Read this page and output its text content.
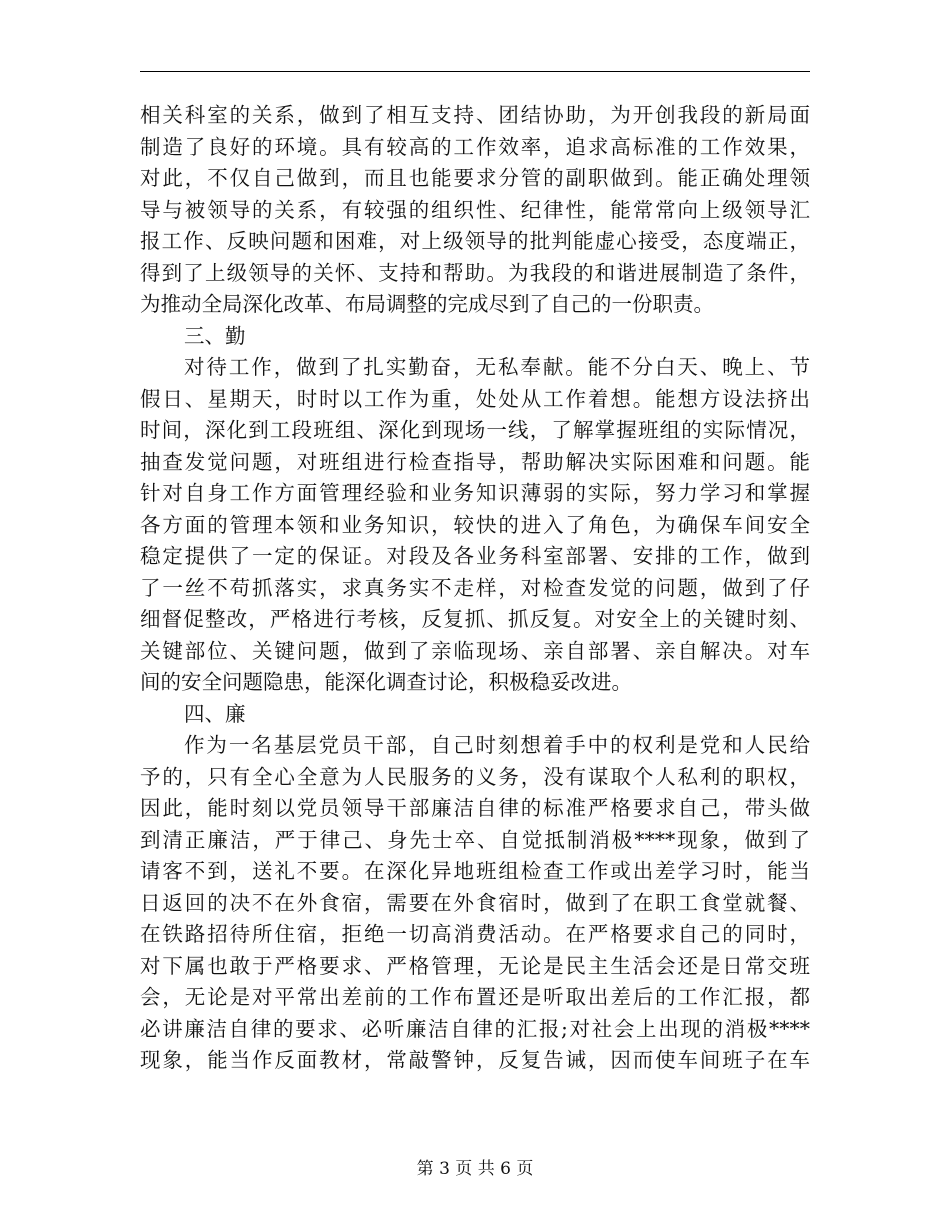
相关科室的关系，做到了相互支持、团结协助，为开创我段的新局面
制造了良好的环境。具有较高的工作效率，追求高标准的工作效果，
对此，不仅自己做到，而且也能要求分管的副职做到。能正确处理领
导与被领导的关系，有较强的组织性、纪律性，能常常向上级领导汇
报工作、反映问题和困难，对上级领导的批判能虚心接受，态度端正，
得到了上级领导的关怀、支持和帮助。为我段的和谐进展制造了条件，
为推动全局深化改革、布局调整的完成尽到了自己的一份职责。
三、勤
对待工作，做到了扎实勤奋，无私奉献。能不分白天、晚上、节
假日、星期天，时时以工作为重，处处从工作着想。能想方设法挤出
时间，深化到工段班组、深化到现场一线，了解掌握班组的实际情况，
抽查发觉问题，对班组进行检查指导，帮助解决实际困难和问题。能
针对自身工作方面管理经验和业务知识薄弱的实际，努力学习和掌握
各方面的管理本领和业务知识，较快的进入了角色，为确保车间安全
稳定提供了一定的保证。对段及各业务科室部署、安排的工作，做到
了一丝不苟抓落实，求真务实不走样，对检查发觉的问题，做到了仔
细督促整改，严格进行考核，反复抓、抓反复。对安全上的关键时刻、
关键部位、关键问题，做到了亲临现场、亲自部署、亲自解决。对车
间的安全问题隐患，能深化调查讨论，积极稳妥改进。
四、廉
作为一名基层党员干部，自己时刻想着手中的权利是党和人民给
予的，只有全心全意为人民服务的义务，没有谋取个人私利的职权，
因此，能时刻以党员领导干部廉洁自律的标准严格要求自己，带头做
到清正廉洁，严于律己、身先士卒、自觉抵制消极****现象，做到了
请客不到，送礼不要。在深化异地班组检查工作或出差学习时，能当
日返回的决不在外食宿，需要在外食宿时，做到了在职工食堂就餐、
在铁路招待所住宿，拒绝一切高消费活动。在严格要求自己的同时，
对下属也敢于严格要求、严格管理，无论是民主生活会还是日常交班
会，无论是对平常出差前的工作布置还是听取出差后的工作汇报，都
必讲廉洁自律的要求、必听廉洁自律的汇报;对社会上出现的消极****
现象，能当作反面教材，常敲警钟，反复告诫，因而使车间班子在车
第 3 页 共 6 页
